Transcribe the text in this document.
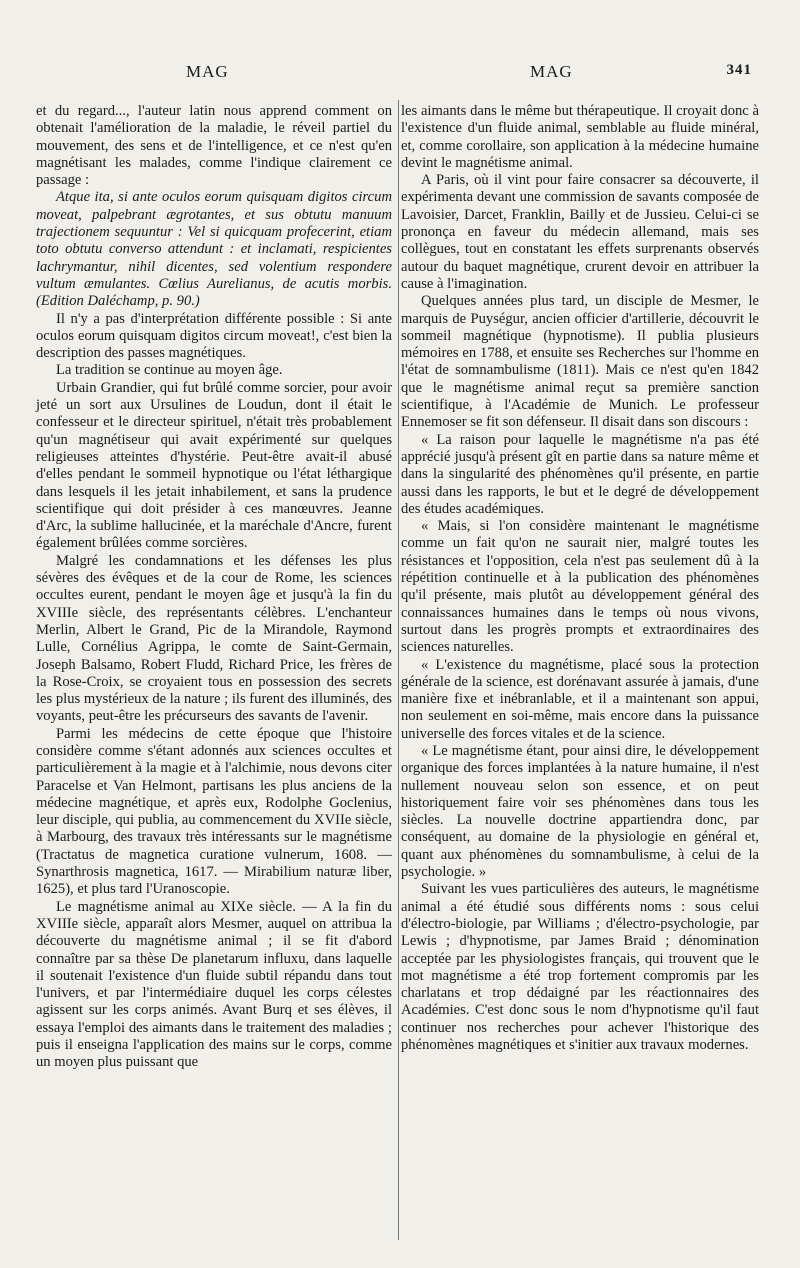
MAG	MAG	341

et du regard..., l'auteur latin nous apprend comment on obtenait l'amélioration de la maladie, le réveil partiel du mouvement, des sens et de l'intelligence, et ce n'est qu'en magnétisant les malades, comme l'indique clairement ce passage :

Atque ita, si ante oculos eorum quisquam digitos circum moveat, palpebrant ægrotantes, et sus obtutu manuum trajectionem sequuntur : Vel si quicquam profecerint, etiam toto obtutu converso attendunt : et inclamati, respicientes lachrymantur, nihil dicentes, sed volentium respondere vultum æmulantes. Cœlius Aurelianus, de acutis morbis. (Edition Daléchamp, p. 90.)

Il n'y a pas d'interprétation différente possible : Si ante oculos eorum quisquam digitos circum moveat!, c'est bien la description des passes magnétiques.

La tradition se continue au moyen âge.

Urbain Grandier, qui fut brûlé comme sorcier, pour avoir jeté un sort aux Ursulines de Loudun, dont il était le confesseur et le directeur spirituel, n'était très probablement qu'un magnétiseur qui avait expérimenté sur quelques religieuses atteintes d'hystérie. Peut-être avait-il abusé d'elles pendant le sommeil hypnotique ou l'état léthargique dans lesquels il les jetait inhabilement, et sans la prudence scientifique qui doit présider à ces manœuvres. Jeanne d'Arc, la sublime hallucinée, et la maréchale d'Ancre, furent également brûlées comme sorcières.

Malgré les condamnations et les défenses les plus sévères des évêques et de la cour de Rome, les sciences occultes eurent, pendant le moyen âge et jusqu'à la fin du XVIIIe siècle, des représentants célèbres. L'enchanteur Merlin, Albert le Grand, Pic de la Mirandole, Raymond Lulle, Cornélius Agrippa, le comte de Saint-Germain, Joseph Balsamo, Robert Fludd, Richard Price, les frères de la Rose-Croix, se croyaient tous en possession des secrets les plus mystérieux de la nature ; ils furent des illuminés, des voyants, peut-être les précurseurs des savants de l'avenir.

Parmi les médecins de cette époque que l'histoire considère comme s'étant adonnés aux sciences occultes et particulièrement à la magie et à l'alchimie, nous devons citer Paracelse et Van Helmont, partisans les plus anciens de la médecine magnétique, et après eux, Rodolphe Goclenius, leur disciple, qui publia, au commencement du XVIIe siècle, à Marbourg, des travaux très intéressants sur le magnétisme (Tractatus de magnetica curatione vulnerum, 1608. — Synarthrosis magnetica, 1617. — Mirabilium naturæ liber, 1625), et plus tard l'Uranoscopie.

Le magnétisme animal au XIXe siècle. — A la fin du XVIIIe siècle, apparaît alors Mesmer, auquel on attribua la découverte du magnétisme animal ; il se fit d'abord connaître par sa thèse De planetarum influxu, dans laquelle il soutenait l'existence d'un fluide subtil répandu dans tout l'univers, et par l'intermédiaire duquel les corps célestes agissent sur les corps animés. Avant Burq et ses élèves, il essaya l'emploi des aimants dans le traitement des maladies ; puis il enseigna l'application des mains sur le corps, comme un moyen plus puissant que

les aimants dans le même but thérapeutique. Il croyait donc à l'existence d'un fluide animal, semblable au fluide minéral, et, comme corollaire, son application à la médecine humaine devint le magnétisme animal.

A Paris, où il vint pour faire consacrer sa découverte, il expérimenta devant une commission de savants composée de Lavoisier, Darcet, Franklin, Bailly et de Jussieu. Celui-ci se prononça en faveur du médecin allemand, mais ses collègues, tout en constatant les effets surprenants observés autour du baquet magnétique, crurent devoir en attribuer la cause à l'imagination.

Quelques années plus tard, un disciple de Mesmer, le marquis de Puységur, ancien officier d'artillerie, découvrit le sommeil magnétique (hypnotisme). Il publia plusieurs mémoires en 1788, et ensuite ses Recherches sur l'homme en l'état de somnambulisme (1811). Mais ce n'est qu'en 1842 que le magnétisme animal reçut sa première sanction scientifique, à l'Académie de Munich. Le professeur Ennemoser se fit son défenseur. Il disait dans son discours :

« La raison pour laquelle le magnétisme n'a pas été apprécié jusqu'à présent gît en partie dans sa nature même et dans la singularité des phénomènes qu'il présente, en partie aussi dans les rapports, le but et le degré de développement des études académiques.

« Mais, si l'on considère maintenant le magnétisme comme un fait qu'on ne saurait nier, malgré toutes les résistances et l'opposition, cela n'est pas seulement dû à la répétition continuelle et à la publication des phénomènes qu'il présente, mais plutôt au développement général des connaissances humaines dans le temps où nous vivons, surtout dans les progrès prompts et extraordinaires des sciences naturelles.

« L'existence du magnétisme, placé sous la protection générale de la science, est dorénavant assurée à jamais, d'une manière fixe et inébranlable, et il a maintenant son appui, non seulement en soi-même, mais encore dans la puissance universelle des forces vitales et de la science.

« Le magnétisme étant, pour ainsi dire, le développement organique des forces implantées à la nature humaine, il n'est nullement nouveau selon son essence, et on peut historiquement faire voir ses phénomènes dans tous les siècles. La nouvelle doctrine appartiendra donc, par conséquent, au domaine de la physiologie en général et, quant aux phénomènes du somnambulisme, à celui de la psychologie. »

Suivant les vues particulières des auteurs, le magnétisme animal a été étudié sous différents noms : sous celui d'électro-biologie, par Williams ; d'électro-psychologie, par Lewis ; d'hypnotisme, par James Braid ; dénomination acceptée par les physiologistes français, qui trouvent que le mot magnétisme a été trop fortement compromis par les charlatans et trop dédaigné par les réactionnaires des Académies. C'est donc sous le nom d'hypnotisme qu'il faut continuer nos recherches pour achever l'historique des phénomènes magnétiques et s'initier aux travaux modernes.
